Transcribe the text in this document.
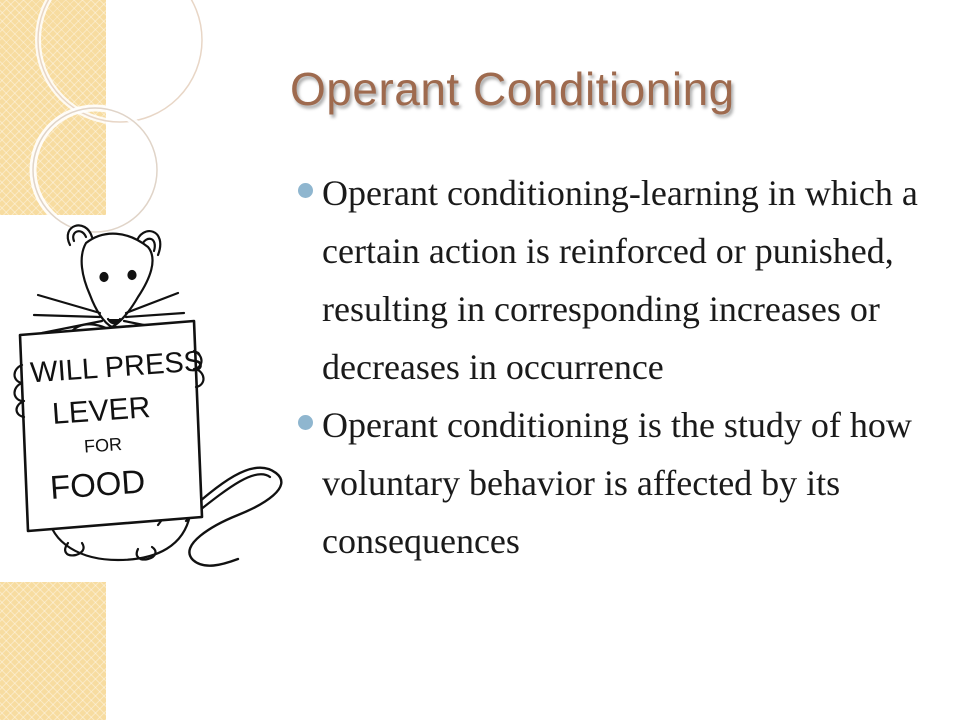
Operant Conditioning
Operant conditioning-learning in which a certain action is reinforced or punished, resulting in corresponding increases or decreases in occurrence
Operant conditioning is the study of how voluntary behavior is affected by its consequences
WILL PRESS
LEVER
FOR
FOOD
